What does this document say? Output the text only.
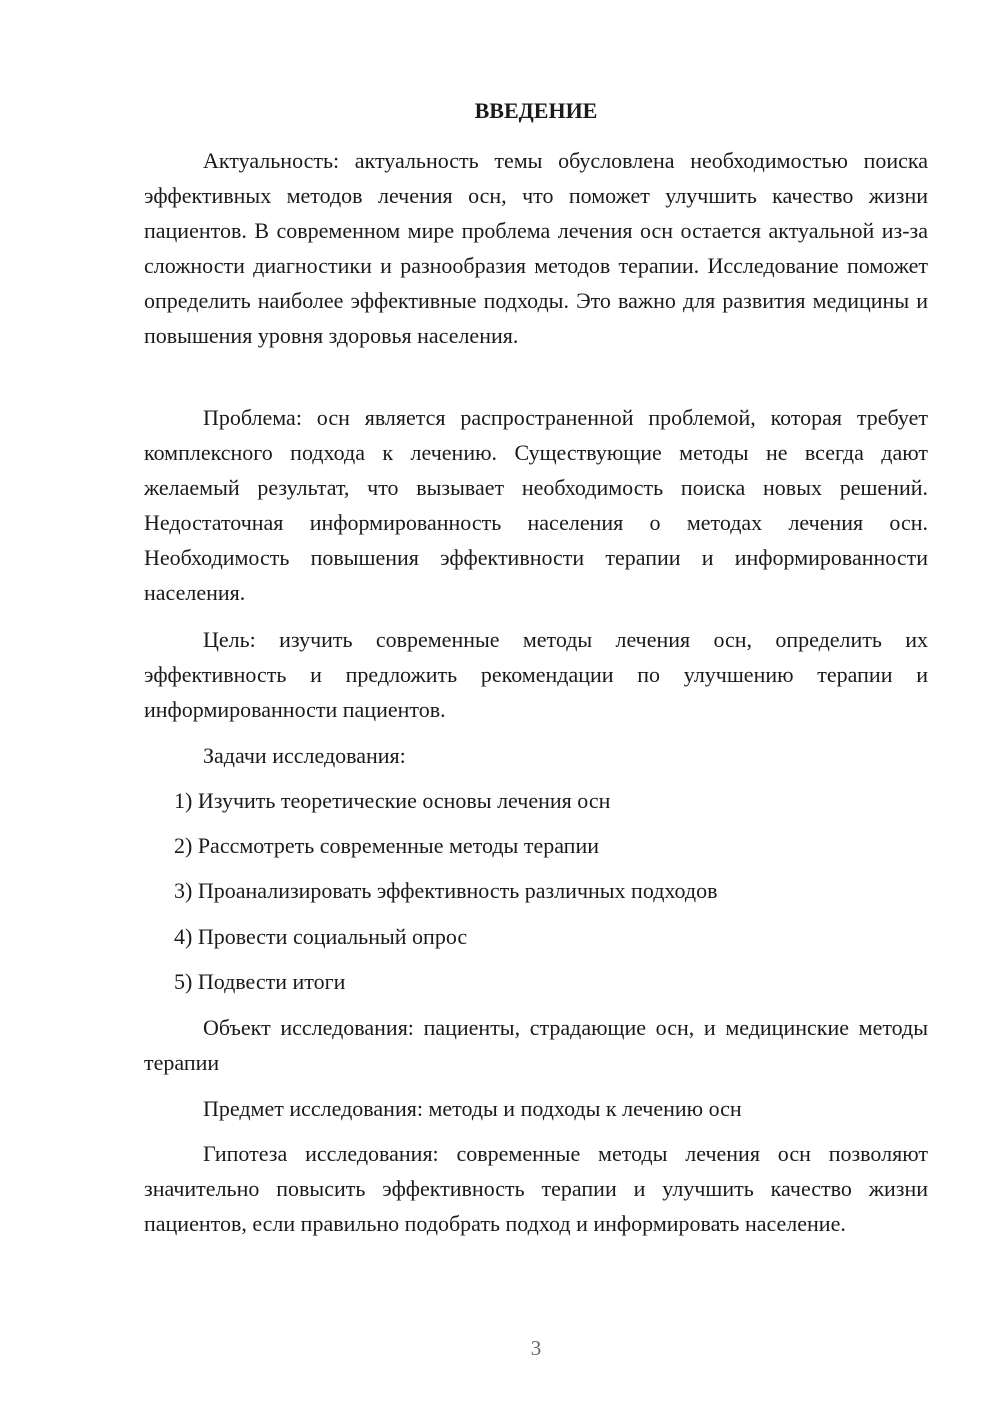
ВВЕДЕНИЕ

Актуальность: актуальность темы обусловлена необходимостью поиска эффективных методов лечения осн, что поможет улучшить качество жизни пациентов. В современном мире проблема лечения осн остается актуальной из-за сложности диагностики и разнообразия методов терапии. Исследование поможет определить наиболее эффективные подходы. Это важно для развития медицины и повышения уровня здоровья населения.

Проблема: осн является распространенной проблемой, которая требует комплексного подхода к лечению. Существующие методы не всегда дают желаемый результат, что вызывает необходимость поиска новых решений. Недостаточная информированность населения о методах лечения осн. Необходимость повышения эффективности терапии и информированности населения.

Цель: изучить современные методы лечения осн, определить их эффективность и предложить рекомендации по улучшению терапии и информированности пациентов.

Задачи исследования:

1) Изучить теоретические основы лечения осн

2) Рассмотреть современные методы терапии

3) Проанализировать эффективность различных подходов

4) Провести социальный опрос

5) Подвести итоги

Объект исследования: пациенты, страдающие осн, и медицинские методы терапии

Предмет исследования: методы и подходы к лечению осн

Гипотеза исследования: современные методы лечения осн позволяют значительно повысить эффективность терапии и улучшить качество жизни пациентов, если правильно подобрать подход и информировать население.

3
